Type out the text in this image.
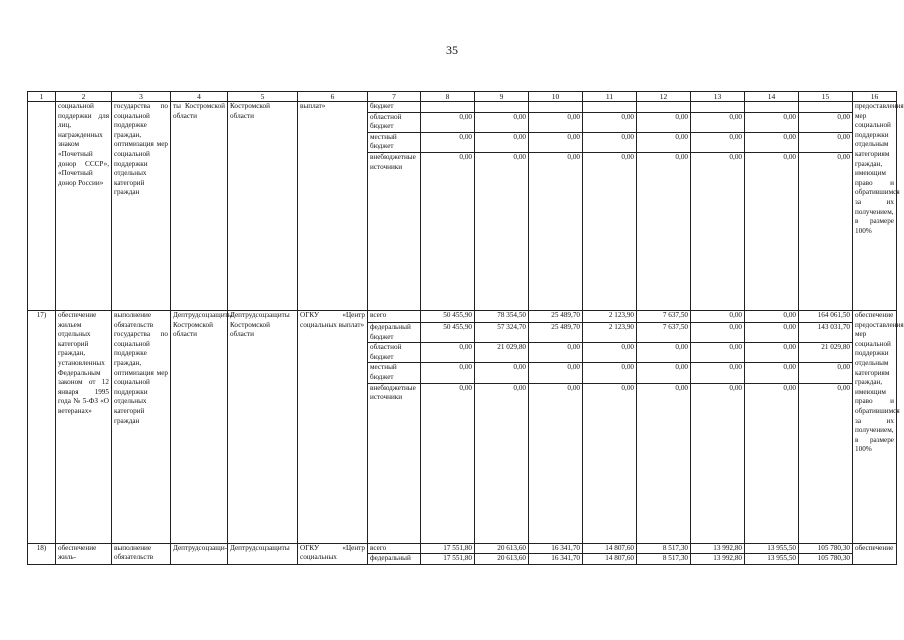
35
1	2	3	4	5	6	7	8	9	10	11	12	13	14	15	16
	социальной поддержки для лиц, награжденных знаком «Почетный донор СССР», «Почетный донор России»	государства по социальной поддержке граждан, оптимизация мер социальной поддержки отдельных категорий граждан	ты Костромской области	Костромской области	выплат»	бюджет									предоставления мер социальной поддержки отдельным категориям граждан, имеющим право и обратившимся за их получением, в размере 100%
						областной бюджет	0,00	0,00	0,00	0,00	0,00	0,00	0,00	0,00	
						местный бюджет	0,00	0,00	0,00	0,00	0,00	0,00	0,00	0,00	
						внебюджетные источники	0,00	0,00	0,00	0,00	0,00	0,00	0,00	0,00	
17)	обеспечение жильем отдельных категорий граждан, установленных Федеральным законом от 12 января 1995 года № 5-ФЗ «О ветеранах»	выполнение обязательств государства по социальной поддержке граждан, оптимизация мер социальной поддержки отдельных категорий граждан	Дептрудсоцзащиты Костромской области	Дептрудсоцзащиты Костромской области	ОГКУ «Центр социальных выплат»	всего	50 455,90	78 354,50	25 489,70	2 123,90	7 637,50	0,00	0,00	164 061,50	обеспечение предоставления мер социальной поддержки отдельным категориям граждан, имеющим право и обратившимся за их получением, в размере 100%
						федеральный бюджет	50 455,90	57 324,70	25 489,70	2 123,90	7 637,50	0,00	0,00	143 031,70	
						областной бюджет	0,00	21 029,80	0,00	0,00	0,00	0,00	0,00	21 029,80	
						местный бюджет	0,00	0,00	0,00	0,00	0,00	0,00	0,00	0,00	
						внебюджетные источники	0,00	0,00	0,00	0,00	0,00	0,00	0,00	0,00	
18)	обеспечение жиль-	выполнение обязательств	Дептрудсоцзащи-	Дептрудсоцзащиты	ОГКУ «Центр социальных	всего	17 551,80	20 613,60	16 341,70	14 807,60	8 517,30	13 992,80	13 955,50	105 780,30	обеспечение
						федеральный	17 551,80	20 613,60	16 341,70	14 807,60	8 517,30	13 992,80	13 955,50	105 780,30	
